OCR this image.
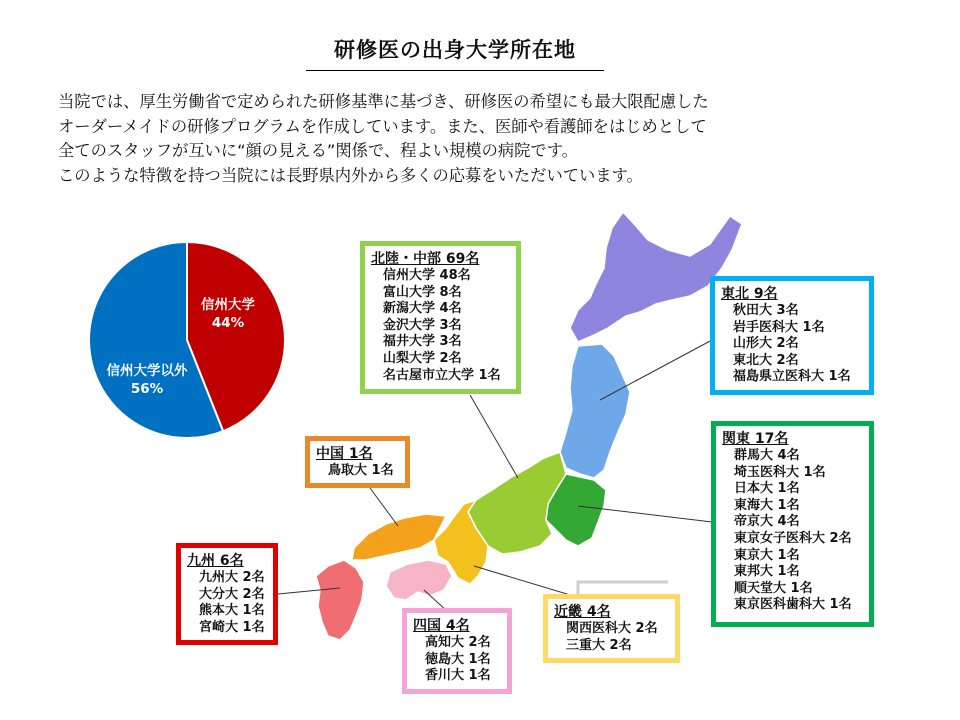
研修医の出身大学所在地
当院では、厚生労働省で定められた研修基準に基づき、研修医の希望にも最大限配慮した
オーダーメイドの研修プログラムを作成しています。また、医師や看護師をはじめとして
全てのスタッフが互いに“顔の見える”関係で、程よい規模の病院です。
このような特徴を持つ当院には長野県内外から多くの応募をいただいています。
信州大学
44%
信州大学以外
56%
北陸・中部 69名
信州大学 48名
富山大学 8名
新潟大学 4名
金沢大学 3名
福井大学 3名
山梨大学 2名
名古屋市立大学 1名
東北 9名
秋田大 3名
岩手医科大 1名
山形大 2名
東北大 2名
福島県立医科大 1名
関東 17名
群馬大 4名
埼玉医科大 1名
日本大 1名
東海大 1名
帝京大 4名
東京女子医科大 2名
東京大 1名
東邦大 1名
順天堂大 1名
東京医科歯科大 1名
中国 1名
鳥取大 1名
九州 6名
九州大 2名
大分大 2名
熊本大 1名
宮崎大 1名	四国 4名
高知大 2名
徳島大 1名
香川大 1名
近畿 4名
関西医科大 2名
三重大 2名
